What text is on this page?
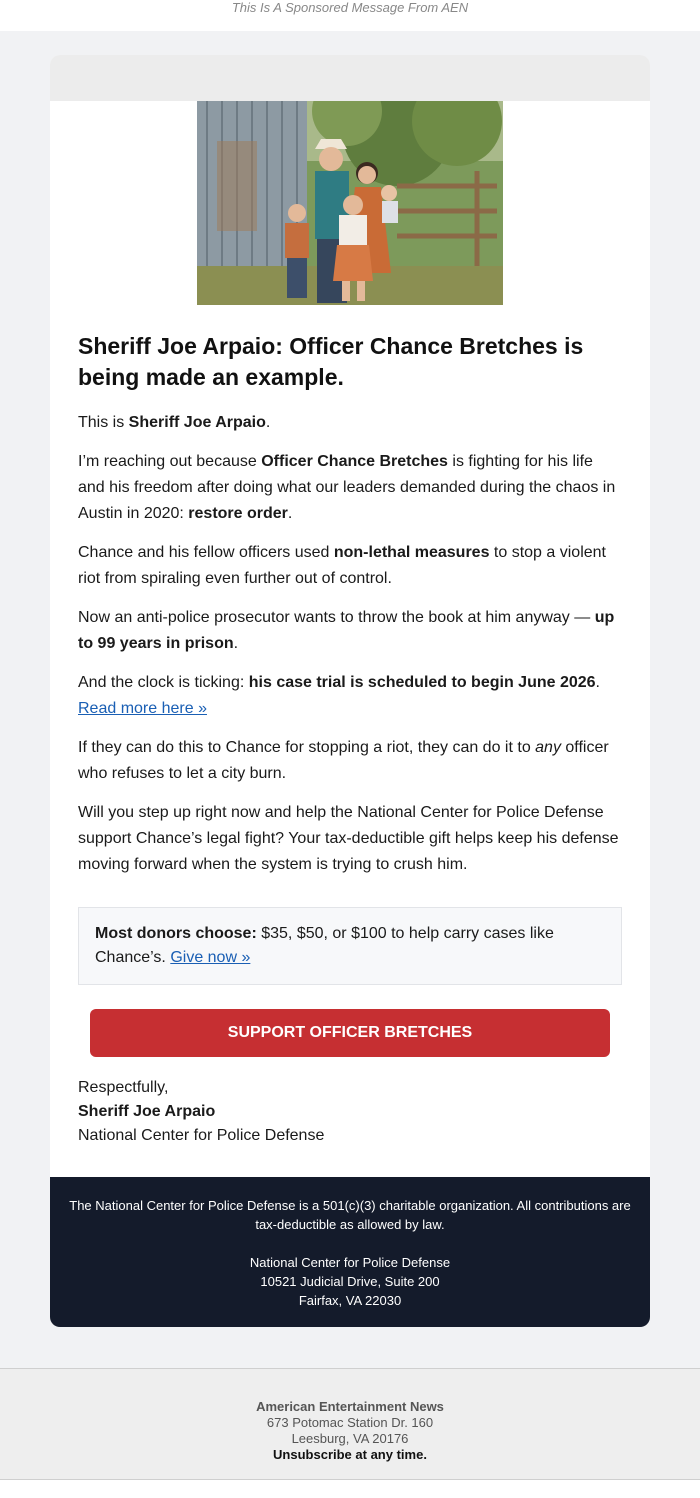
This Is A Sponsored Message From AEN
Sheriff Joe Arpaio: Officer Chance Bretches is being made an example.

This is Sheriff Joe Arpaio.

I’m reaching out because Officer Chance Bretches is fighting for his life and his freedom after doing what our leaders demanded during the chaos in Austin in 2020: restore order.

Chance and his fellow officers used non-lethal measures to stop a violent riot from spiraling even further out of control.

Now an anti-police prosecutor wants to throw the book at him anyway — up to 99 years in prison.

And the clock is ticking: his case trial is scheduled to begin June 2026.
Read more here »

If they can do this to Chance for stopping a riot, they can do it to any officer who refuses to let a city burn.

Will you step up right now and help the National Center for Police Defense support Chance’s legal fight? Your tax-deductible gift helps keep his defense moving forward when the system is trying to crush him.

Most donors choose: $35, $50, or $100 to help carry cases like Chance’s. Give now »
SUPPORT OFFICER BRETCHES
Respectfully,
Sheriff Joe Arpaio
National Center for Police Defense
The National Center for Police Defense is a 501(c)(3) charitable organization. All contributions are tax-deductible as allowed by law.
National Center for Police Defense
10521 Judicial Drive, Suite 200
Fairfax, VA 22030
American Entertainment News
673 Potomac Station Dr. 160
Leesburg, VA 20176
Unsubscribe at any time.
